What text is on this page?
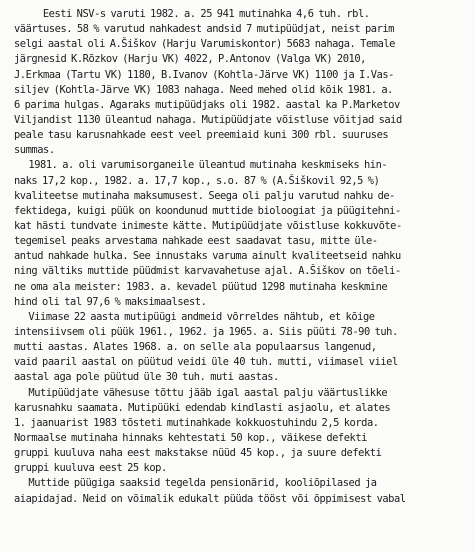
Eesti NSV-s varuti 1982. a. 25 941 mutinahka 4,6 tuh. rbl.
väärtuses. 58 % varutud nahkadest andsid 7 mutipüüdjat, neist parim
selgi aastal oli A.Šiškov (Harju Varumiskontor) 5683 nahaga. Temale
järgnesid K.Rõzkov (Harju VK) 4022, P.Antonov (Valga VK) 2010,
J.Erkmaa (Tartu VK) 1180, B.Ivanov (Kohtla-Järve VK) 1100 ja I.Vas-
siljev (Kohtla-Järve VK) 1083 nahaga. Need mehed olid kõik 1981. a.
6 parima hulgas. Agaraks mutipüüdjaks oli 1982. aastal ka P.Marketov
Viljandist 1130 üleantud nahaga. Mutipüüdjate võistluse võitjad said
peale tasu karusnahkade eest veel preemiaid kuni 300 rbl. suuruses
summas.
1981. a. oli varumisorganeile üleantud mutinaha keskmiseks hin-
naks 17,2 kop., 1982. a. 17,7 kop., s.o. 87 % (A.Šiškovil 92,5 %)
kvaliteetse mutinaha maksumusest. Seega oli palju varutud nahku de-
fektidega, kuigi püük on koondunud muttide bioloogiat ja püügitehni-
kat hästi tundvate inimeste kätte. Mutipüüdjate võistluse kokkuvõte-
tegemisel peaks arvestama nahkade eest saadavat tasu, mitte üle-
antud nahkade hulka. See innustaks varuma ainult kvaliteetseid nahku
ning vältiks muttide püüdmist karvavahetuse ajal. A.Šiškov on tõeli-
ne oma ala meister: 1983. a. kevadel püütud 1298 mutinaha keskmine
hind oli tal 97,6 % maksimaalsest.
Viimase 22 aasta mutipüügi andmeid võrreldes nähtub, et kõige
intensiivsem oli püük 1961., 1962. ja 1965. a. Siis püüti 78-90 tuh.
mutti aastas. Alates 1968. a. on selle ala populaarsus langenud,
vaid paaril aastal on püütud veidi üle 40 tuh. mutti, viimasel viiel
aastal aga pole püütud üle 30 tuh. muti aastas.
Mutipüüdjate vähesuse tõttu jääb igal aastal palju väärtuslikke
karusnahku saamata. Mutipüüki edendab kindlasti asjaolu, et alates
1. jaanuarist 1983 tõsteti mutinahkade kokkuostuhindu 2,5 korda.
Normaalse mutinaha hinnaks kehtestati 50 kop., väikese defekti
gruppi kuuluva naha eest makstakse nüüd 45 kop., ja suure defekti
gruppi kuuluva eest 25 kop.
Muttide püügiga saaksid tegelda pensionärid, kooliõpilased ja
aiapidajad. Neid on võimalik edukalt püüda tööst või õppimisest vabal
